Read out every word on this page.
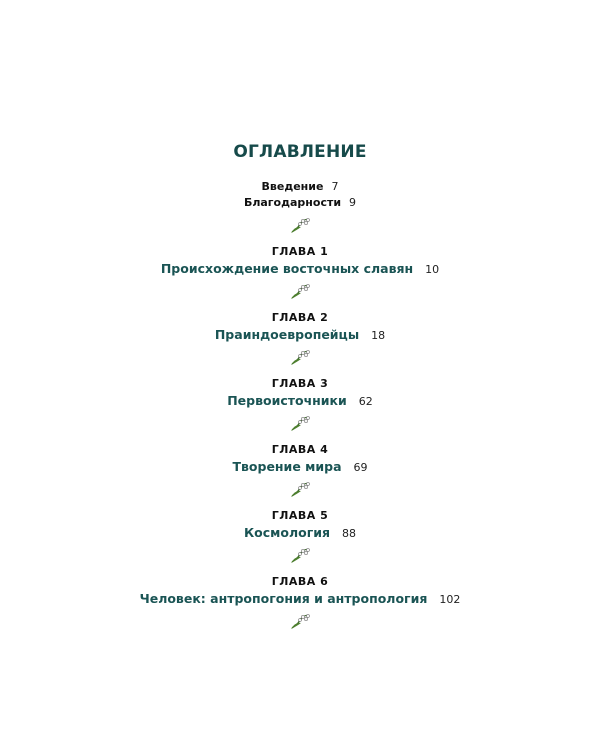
ОГЛАВЛЕНИЕ
Введение 7
Благодарности 9
ГЛАВА 1
Происхождение восточных славян 10
ГЛАВА 2
Праиндоевропейцы 18
ГЛАВА 3
Первоисточники 62
ГЛАВА 4
Творение мира 69
ГЛАВА 5
Космология 88
ГЛАВА 6
Человек: антропогония и антропология 102
